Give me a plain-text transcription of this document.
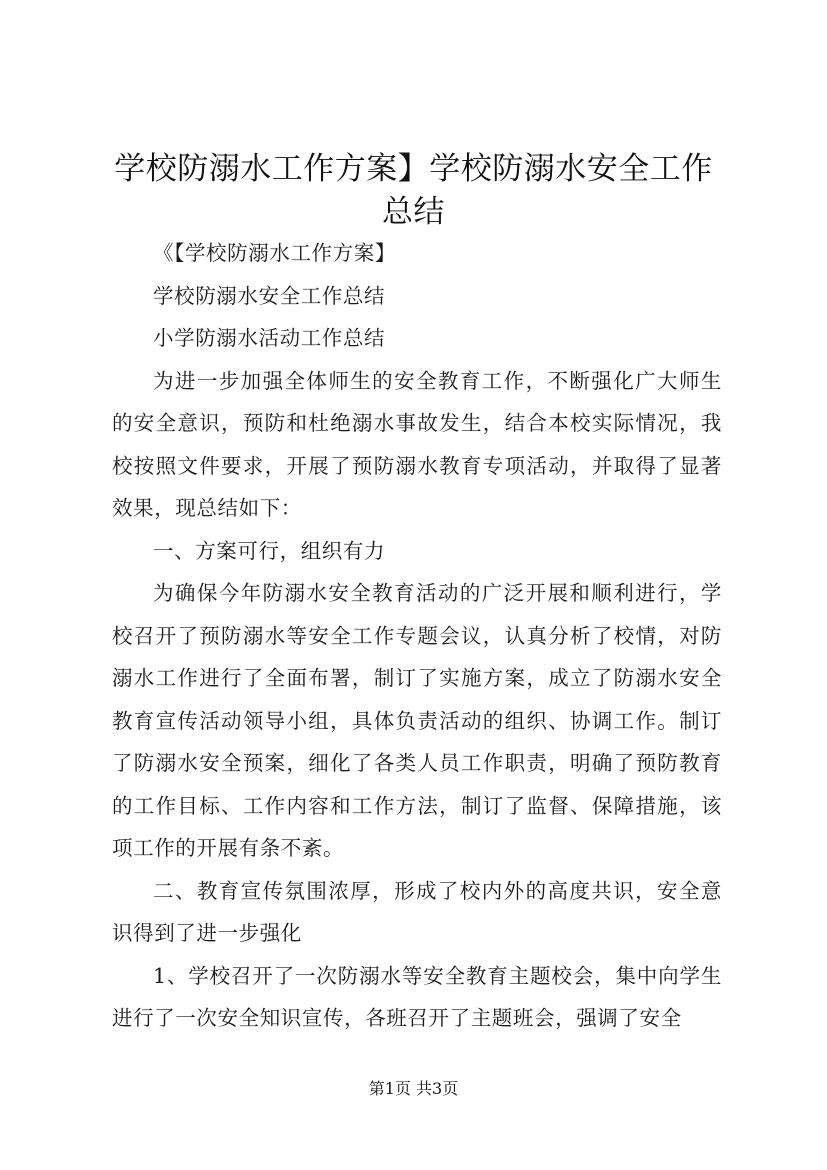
学校防溺水工作方案】学校防溺水安全工作总结

《【学校防溺水工作方案】

学校防溺水安全工作总结

小学防溺水活动工作总结

为进一步加强全体师生的安全教育工作，不断强化广大师生的安全意识，预防和杜绝溺水事故发生，结合本校实际情况，我校按照文件要求，开展了预防溺水教育专项活动，并取得了显著效果，现总结如下：

一、方案可行，组织有力

为确保今年防溺水安全教育活动的广泛开展和顺利进行，学校召开了预防溺水等安全工作专题会议，认真分析了校情，对防溺水工作进行了全面布署，制订了实施方案，成立了防溺水安全教育宣传活动领导小组，具体负责活动的组织、协调工作。制订了防溺水安全预案，细化了各类人员工作职责，明确了预防教育的工作目标、工作内容和工作方法，制订了监督、保障措施，该项工作的开展有条不紊。

二、教育宣传氛围浓厚，形成了校内外的高度共识，安全意识得到了进一步强化

1、学校召开了一次防溺水等安全教育主题校会，集中向学生进行了一次安全知识宣传，各班召开了主题班会，强调了安全

第1页 共3页
